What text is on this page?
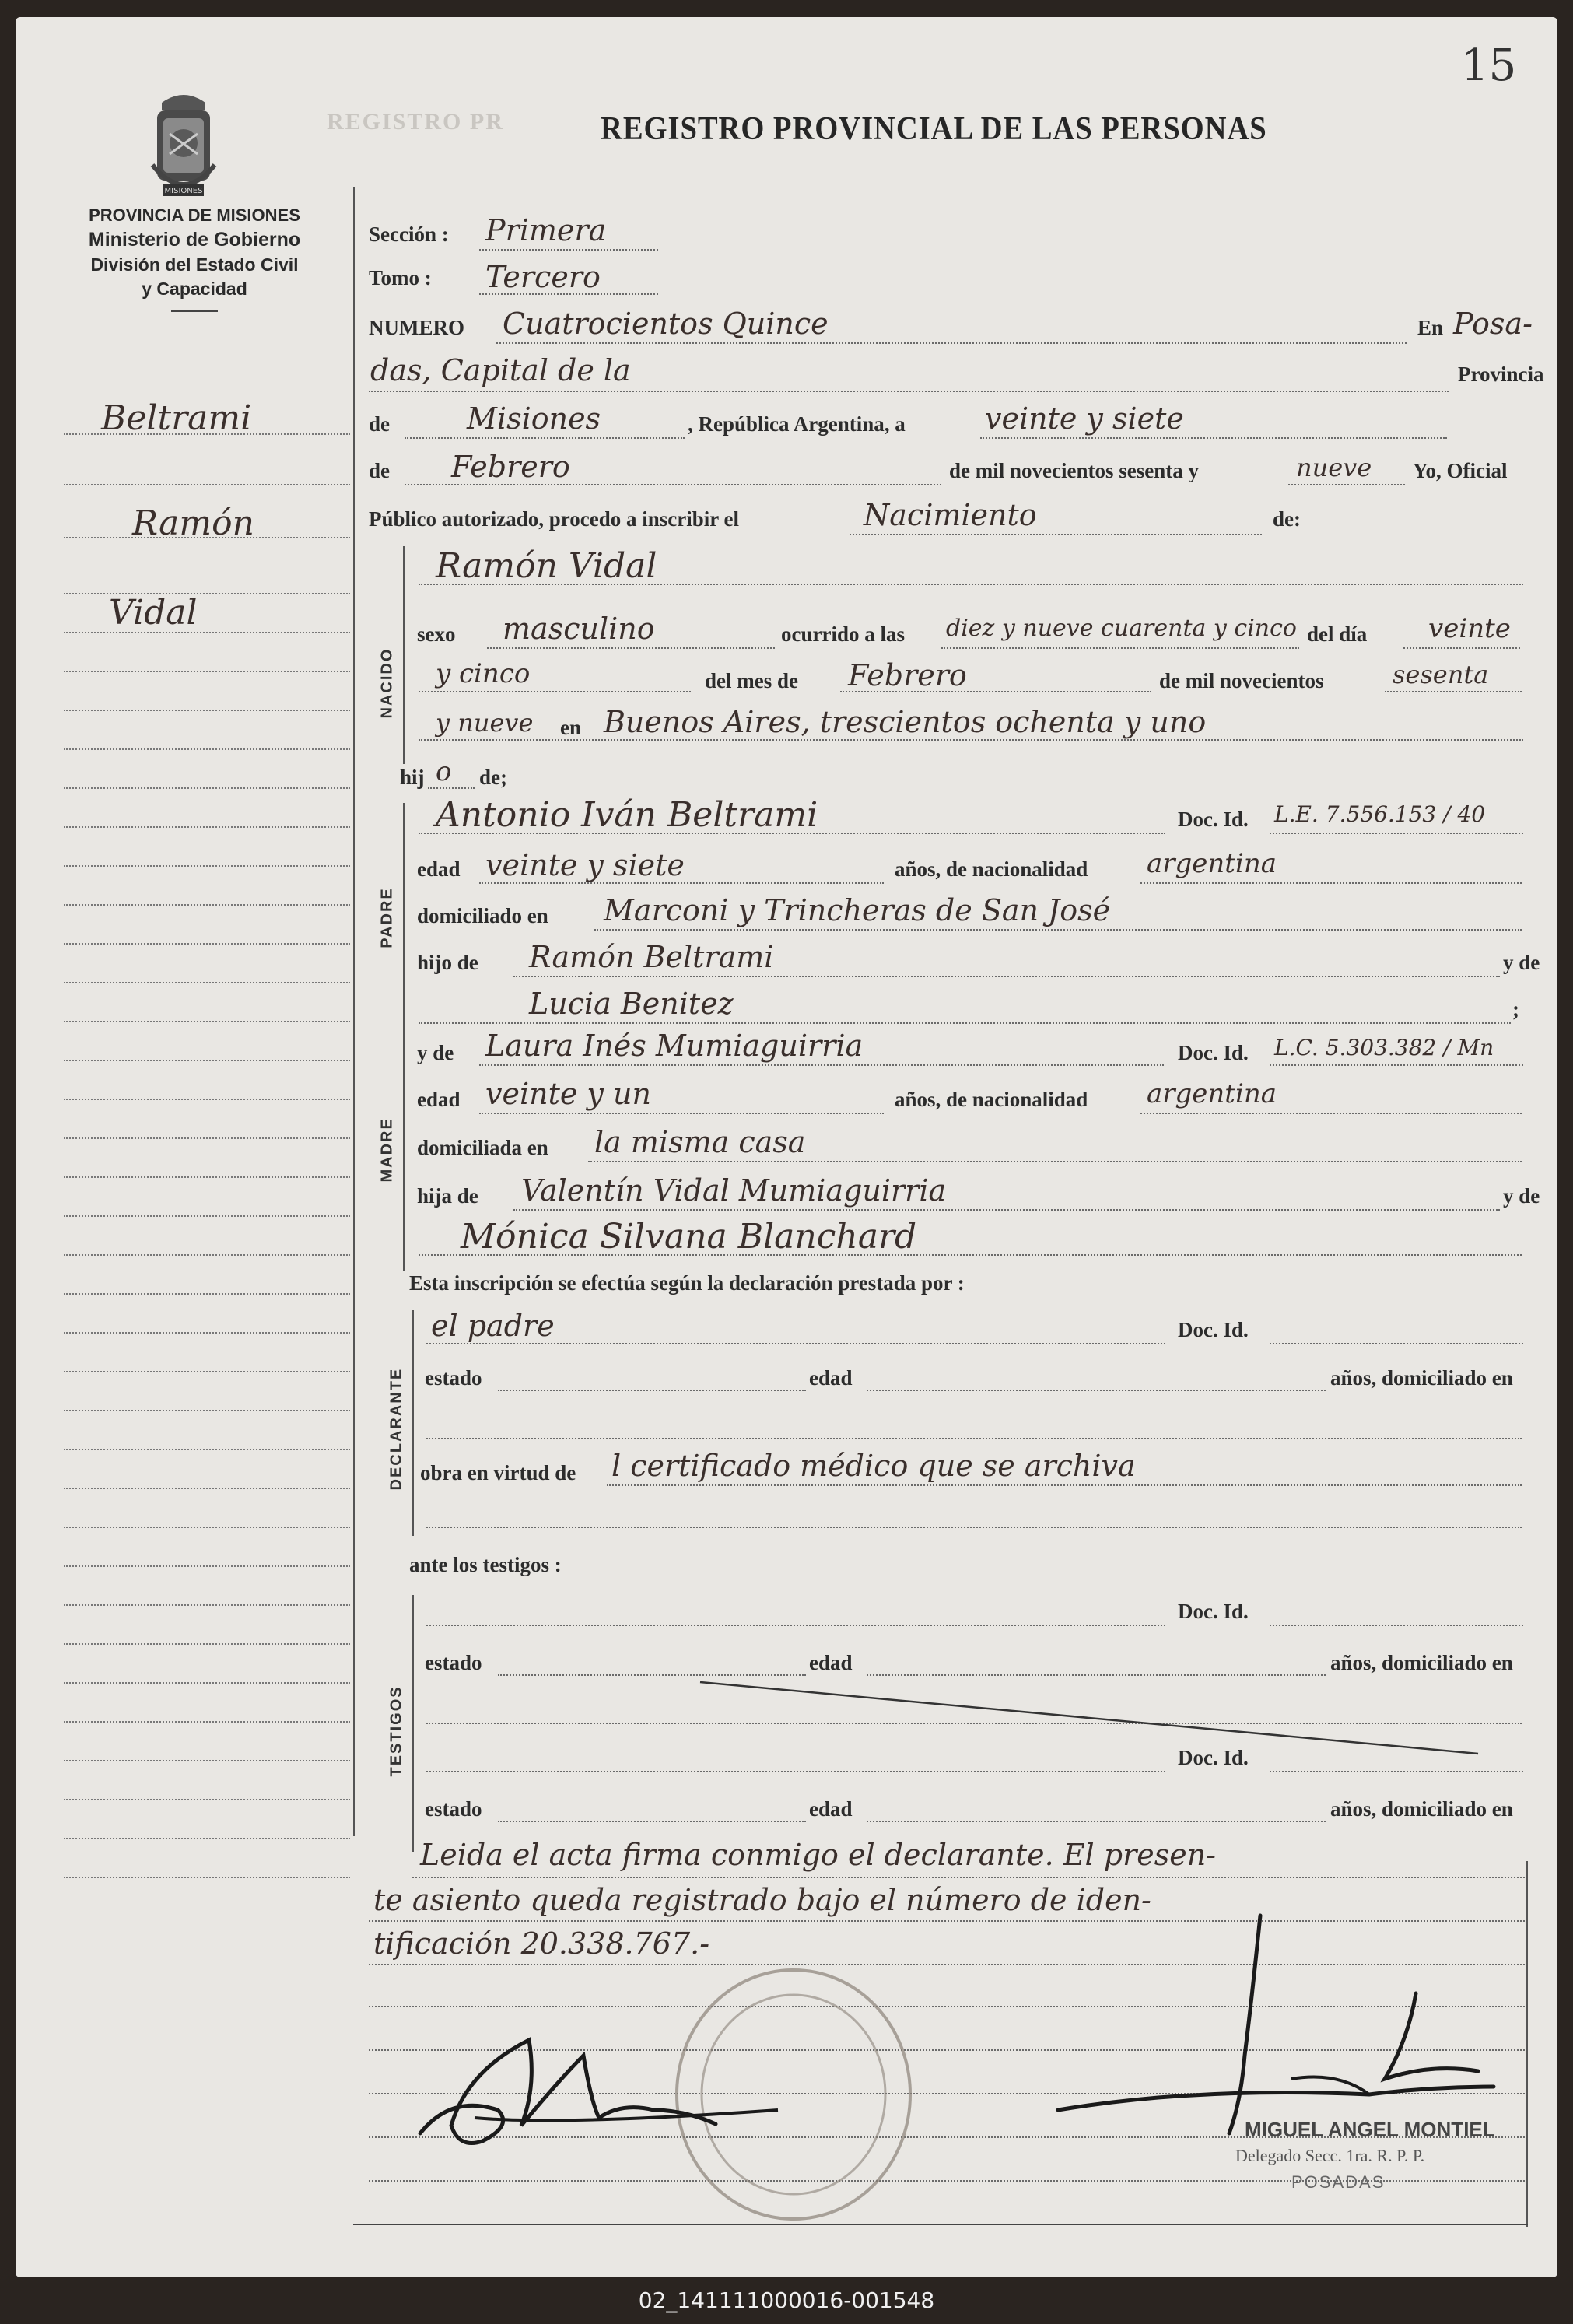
15
REGISTRO PR	REGISTRO PROVINCIAL DE LAS PERSONAS
MISIONES
PROVINCIA DE MISIONES
Ministerio de Gobierno
División del Estado Civil
y Capacidad
Beltrami
Ramón
Vidal
Sección : Primera
Tomo : Tercero
NUMERO Cuatrocientos Quince	En Posa-
das, Capital de la	Provincia
de	Misiones	, República Argentina, a	veinte y siete
de Febrero	de mil novecientos sesenta y	nueve Yo, Oficial
Público autorizado, procedo a inscribir el	Nacimiento	de:
NACIDO
Ramón Vidal
sexo masculino	ocurrido a las diez y nueve cuarenta y cinco del día veinte
y cinco	del mes de Febrero	de mil novecientos	sesenta
y nueve en Buenos Aires, trescientos ochenta y uno
hij o de;
PADRE
Antonio Iván Beltrami	Doc. Id. L.E. 7.556.153 / 40
edad veinte y siete	años, de nacionalidad argentina
domiciliado en Marconi y Trincheras de San José
hijo de Ramón Beltrami	y de
Lucia Benitez	;
MADRE
y de Laura Inés Mumiaguirria	Doc. Id. L.C. 5.303.382 / Mn
edad veinte y un	años, de nacionalidad argentina
domiciliada en la misma casa
hija de Valentín Vidal Mumiaguirria	y de
Mónica Silvana Blanchard
Esta inscripción se efectúa según la declaración prestada por :
DECLARANTE
el padre	Doc. Id.
estado	edad	años, domiciliado en
obra en virtud de l certificado médico que se archiva
ante los testigos :
TESTIGOS
Doc. Id.
estado	edad	años, domiciliado en
Doc. Id.
estado	edad	años, domiciliado en
Leida el acta firma conmigo el declarante. El presen-
te asiento queda registrado bajo el número de iden-
tificación 20.338.767.-
MIGUEL ANGEL MONTIEL
Delegado Secc. 1ra. R. P. P.
POSADAS
02_141111000016-001548
